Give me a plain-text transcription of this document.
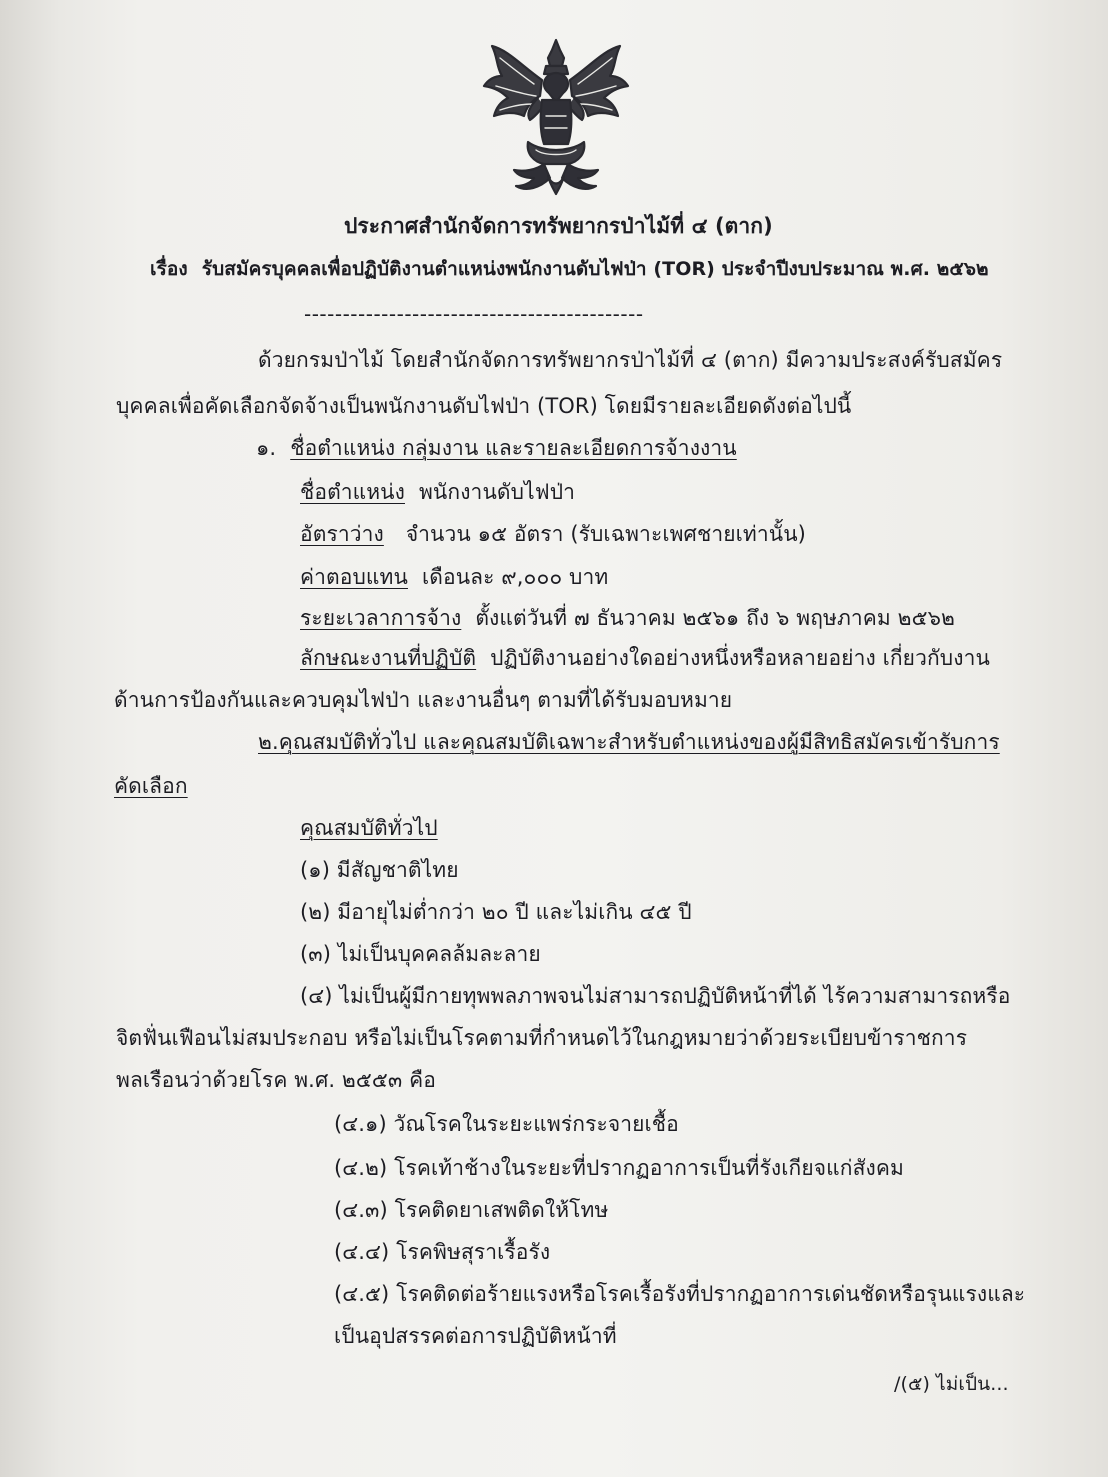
ประกาศสำนักจัดการทรัพยากรป่าไม้ที่ ๔ (ตาก)
เรื่อง รับสมัครบุคคลเพื่อปฏิบัติงานตำแหน่งพนักงานดับไฟป่า (TOR) ประจำปีงบประมาณ พ.ศ. ๒๕๖๒
--------------------------------------------
ด้วยกรมป่าไม้ โดยสำนักจัดการทรัพยากรป่าไม้ที่ ๔ (ตาก) มีความประสงค์รับสมัคร
บุคคลเพื่อคัดเลือกจัดจ้างเป็นพนักงานดับไฟป่า (TOR) โดยมีรายละเอียดดังต่อไปนี้
๑. ชื่อตำแหน่ง กลุ่มงาน และรายละเอียดการจ้างงาน
ชื่อตำแหน่ง พนักงานดับไฟป่า
อัตราว่าง จำนวน ๑๕ อัตรา (รับเฉพาะเพศชายเท่านั้น)
ค่าตอบแทน เดือนละ ๙,๐๐๐ บาท
ระยะเวลาการจ้าง ตั้งแต่วันที่ ๗ ธันวาคม ๒๕๖๑ ถึง ๖ พฤษภาคม ๒๕๖๒
ลักษณะงานที่ปฏิบัติ ปฏิบัติงานอย่างใดอย่างหนึ่งหรือหลายอย่าง เกี่ยวกับงาน
ด้านการป้องกันและควบคุมไฟป่า และงานอื่นๆ ตามที่ได้รับมอบหมาย
๒.คุณสมบัติทั่วไป และคุณสมบัติเฉพาะสำหรับตำแหน่งของผู้มีสิทธิสมัครเข้ารับการ
คัดเลือก
คุณสมบัติทั่วไป
(๑) มีสัญชาติไทย
(๒) มีอายุไม่ต่ำกว่า ๒๐ ปี และไม่เกิน ๔๕ ปี
(๓) ไม่เป็นบุคคลล้มละลาย
(๔) ไม่เป็นผู้มีกายทุพพลภาพจนไม่สามารถปฏิบัติหน้าที่ได้ ไร้ความสามารถหรือ
จิตฟั่นเฟือนไม่สมประกอบ หรือไม่เป็นโรคตามที่กำหนดไว้ในกฎหมายว่าด้วยระเบียบข้าราชการ
พลเรือนว่าด้วยโรค พ.ศ. ๒๕๕๓ คือ
(๔.๑) วัณโรคในระยะแพร่กระจายเชื้อ
(๔.๒) โรคเท้าช้างในระยะที่ปรากฏอาการเป็นที่รังเกียจแก่สังคม
(๔.๓) โรคติดยาเสพติดให้โทษ
(๔.๔) โรคพิษสุราเรื้อรัง
(๔.๕) โรคติดต่อร้ายแรงหรือโรคเรื้อรังที่ปรากฏอาการเด่นชัดหรือรุนแรงและ
เป็นอุปสรรคต่อการปฏิบัติหน้าที่
/(๕) ไม่เป็น...
